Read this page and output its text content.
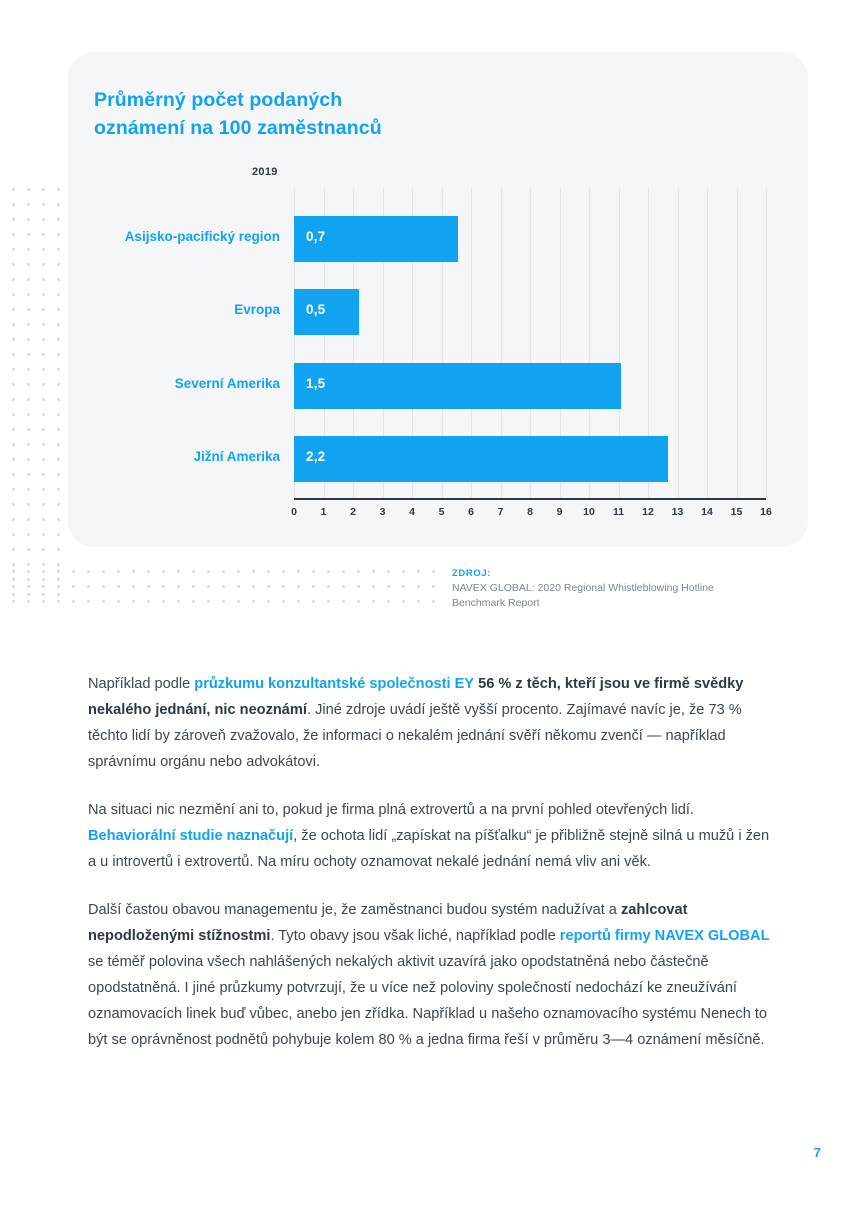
Průměrný počet podaných
oznámení na 100 zaměstnanců
2019
0,7
Asijsko-pacifický region
0,5
Evropa
1,5
Severní Amerika
2,2
Jižní Amerika
0 1 2 3 4 5 6 7 8 9 10 11 12 13 14 15 16
ZDROJ:
NAVEX GLOBAL: 2020 Regional Whistleblowing Hotline
Benchmark Report

Například podle průzkumu konzultantské společnosti EY 56 % z těch, kteří jsou ve firmě svědky nekalého jednání, nic neoznámí. Jiné zdroje uvádí ještě vyšší procento. Zajímavé navíc je, že 73 % těchto lidí by zároveň zvažovalo, že informaci o nekalém jednání svěří někomu zvenčí — například správnímu orgánu nebo advokátovi.

Na situaci nic nezmění ani to, pokud je firma plná extrovertů a na první pohled otevřených lidí. Behaviorální studie naznačují, že ochota lidí „zapískat na píšťalku“ je přibližně stejně silná u mužů i žen a u introvertů i extrovertů. Na míru ochoty oznamovat nekalé jednání nemá vliv ani věk.

Další častou obavou managementu je, že zaměstnanci budou systém nadužívat a zahlcovat nepodloženými stížnostmi. Tyto obavy jsou však liché, například podle reportů firmy NAVEX GLOBAL se téměř polovina všech nahlášených nekalých aktivit uzavírá jako opodstatněná nebo částečně opodstatněná. I jiné průzkumy potvrzují, že u více než poloviny společností nedochází ke zneužívání oznamovacích linek buď vůbec, anebo jen zřídka. Například u našeho oznamovacího systému Nenech to být se oprávněnost podnětů pohybuje kolem 80 % a jedna firma řeší v průměru 3—4 oznámení měsíčně.

7
